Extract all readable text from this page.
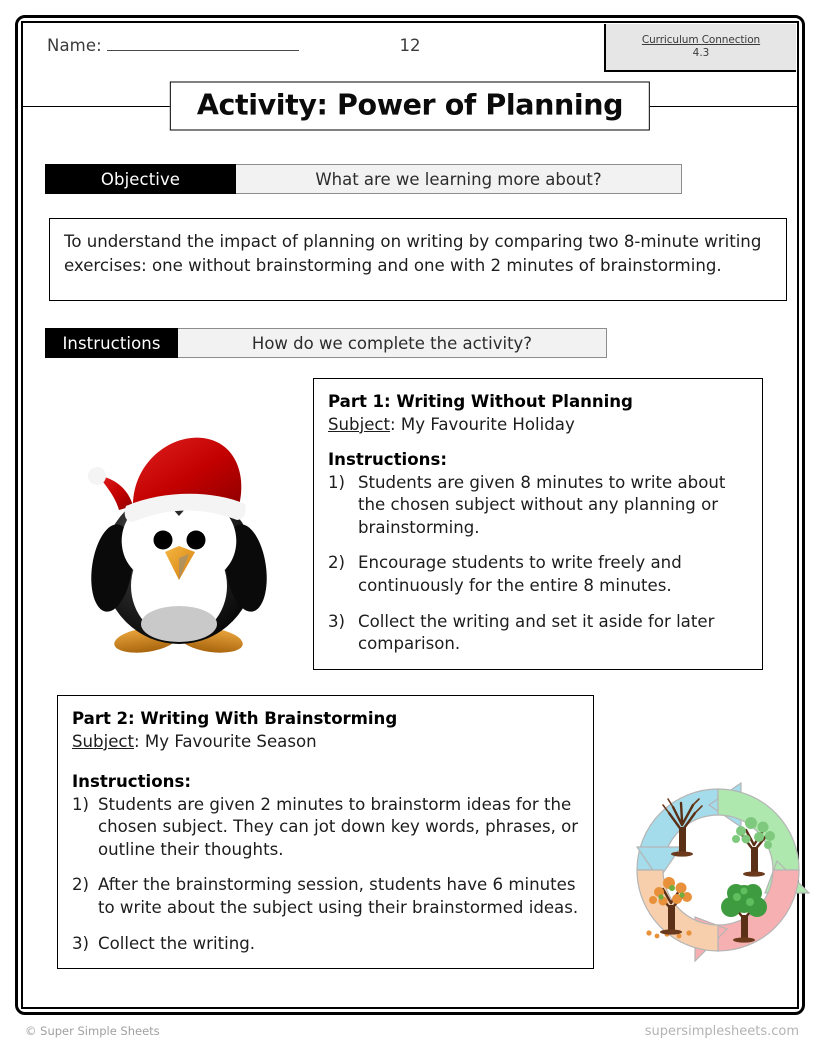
Name:	12	Curriculum Connection
4.3
Activity: Power of Planning
Objective	What are we learning more about?
To understand the impact of planning on writing by comparing two 8-minute writing exercises: one without brainstorming and one with 2 minutes of brainstorming.
Instructions	How do we complete the activity?
Part 1: Writing Without Planning
Subject: My Favourite Holiday
Instructions:
1) Students are given 8 minutes to write about the chosen subject without any planning or brainstorming.
2) Encourage students to write freely and continuously for the entire 8 minutes.
3) Collect the writing and set it aside for later comparison.
Part 2: Writing With Brainstorming
Subject: My Favourite Season
Instructions:
1) Students are given 2 minutes to brainstorm ideas for the chosen subject. They can jot down key words, phrases, or outline their thoughts.
2) After the brainstorming session, students have 6 minutes to write about the subject using their brainstormed ideas.
3) Collect the writing.
© Super Simple Sheets	supersimplesheets.com
